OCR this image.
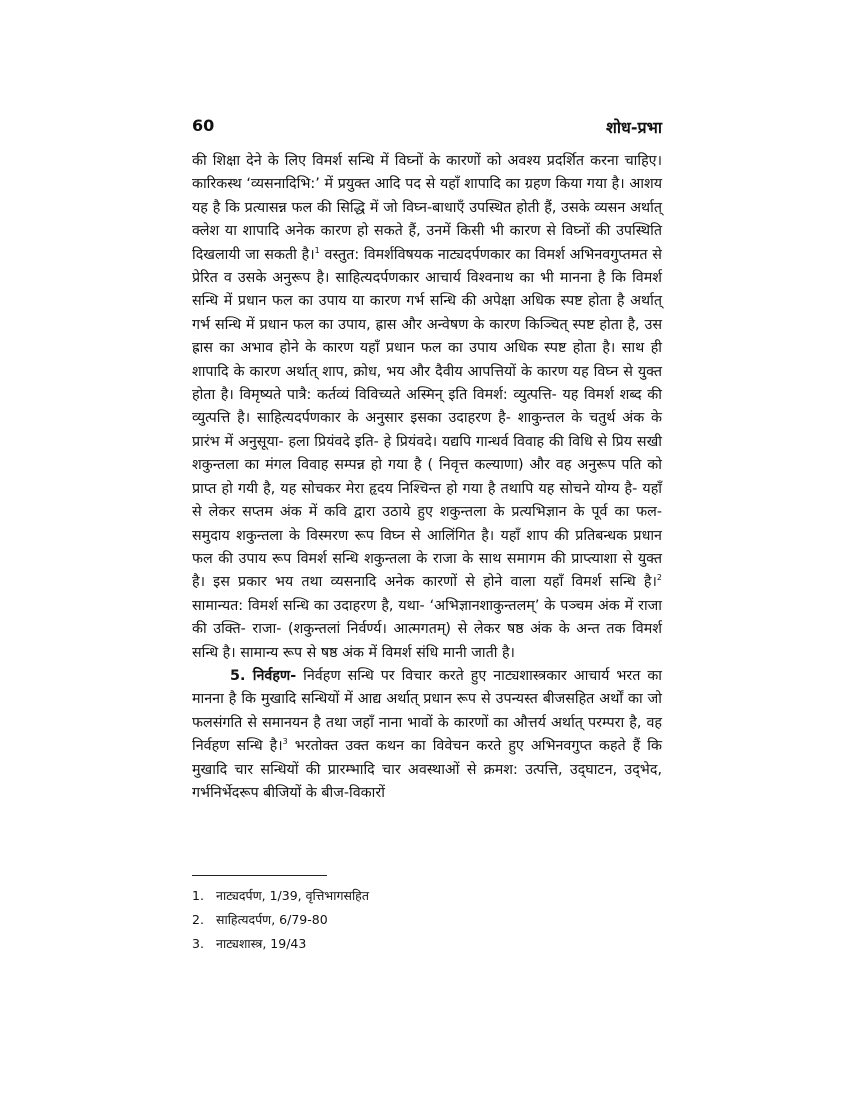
60	शोध-प्रभा

की शिक्षा देने के लिए विमर्श सन्धि में विघ्नों के कारणों को अवश्य प्रदर्शित करना चाहिए। कारिकस्थ ‘व्यसनादिभि:’ में प्रयुक्त आदि पद से यहाँ शापादि का ग्रहण किया गया है। आशय यह है कि प्रत्यासन्न फल की सिद्धि में जो विघ्न-बाधाएँ उपस्थित होती हैं, उसके व्यसन अर्थात् क्लेश या शापादि अनेक कारण हो सकते हैं, उनमें किसी भी कारण से विघ्नों की उपस्थिति दिखलायी जा सकती है।$^1$ वस्तुत: विमर्शविषयक नाट्यदर्पणकार का विमर्श अभिनवगुप्तमत से प्रेरित व उसके अनुरूप है। साहित्यदर्पणकार आचार्य विश्वनाथ का भी मानना है कि विमर्श सन्धि में प्रधान फल का उपाय या कारण गर्भ सन्धि की अपेक्षा अधिक स्पष्ट होता है अर्थात् गर्भ सन्धि में प्रधान फल का उपाय, ह्रास और अन्वेषण के कारण किञ्चित् स्पष्ट होता है, उस ह्रास का अभाव होने के कारण यहाँ प्रधान फल का उपाय अधिक स्पष्ट होता है। साथ ही शापादि के कारण अर्थात् शाप, क्रोध, भय और दैवीय आपत्तियों के कारण यह विघ्न से युक्त होता है। विमृष्यते पात्रै: कर्तव्यं विविच्यते अस्मिन् इति विमर्श: व्युत्पत्ति- यह विमर्श शब्द की व्युत्पत्ति है। साहित्यदर्पणकार के अनुसार इसका उदाहरण है- शाकुन्तल के चतुर्थ अंक के प्रारंभ में अनुसूया- हला प्रियंवदे इति- हे प्रियंवदे। यद्यपि गान्धर्व विवाह की विधि से प्रिय सखी शकुन्तला का मंगल विवाह सम्पन्न हो गया है ( निवृत्त कल्याणा) और वह अनुरूप पति को प्राप्त हो गयी है, यह सोचकर मेरा हृदय निश्चिन्त हो गया है तथापि यह सोचने योग्य है- यहाँ से लेकर सप्तम अंक में कवि द्वारा उठाये हुए शकुन्तला के प्रत्यभिज्ञान के पूर्व का फल-समुदाय शकुन्तला के विस्मरण रूप विघ्न से आलिंगित है। यहाँ शाप की प्रतिबन्धक प्रधान फल की उपाय रूप विमर्श सन्धि शकुन्तला के राजा के साथ समागम की प्राप्त्याशा से युक्त है। इस प्रकार भय तथा व्यसनादि अनेक कारणों से होने वाला यहाँ विमर्श सन्धि है।$^2$ सामान्यत: विमर्श सन्धि का उदाहरण है, यथा- ‘अभिज्ञानशाकुन्तलम्’ के पञ्चम अंक में राजा की उक्ति- राजा- (शकुन्तलां निर्वर्ण्य। आत्मगतम्) से लेकर षष्ठ अंक के अन्त तक विमर्श सन्धि है। सामान्य रूप से षष्ठ अंक में विमर्श संधि मानी जाती है।

5. निर्वहण- निर्वहण सन्धि पर विचार करते हुए नाट्यशास्त्रकार आचार्य भरत का मानना है कि मुखादि सन्धियों में आद्य अर्थात् प्रधान रूप से उपन्यस्त बीजसहित अर्थों का जो फलसंगति से समानयन है तथा जहाँ नाना भावों के कारणों का औत्तर्य अर्थात् परम्परा है, वह निर्वहण सन्धि है।$^3$ भरतोक्त उक्त कथन का विवेचन करते हुए अभिनवगुप्त कहते हैं कि मुखादि चार सन्धियों की प्रारम्भादि चार अवस्थाओं से क्रमश: उत्पत्ति, उद्‌घाटन, उद्‌भेद, गर्भनिर्भेदरूप बीजियों के बीज-विकारों

1. नाट्यदर्पण, 1/39, वृत्तिभागसहित
2. साहित्यदर्पण, 6/79-80
3. नाट्यशास्त्र, 19/43
